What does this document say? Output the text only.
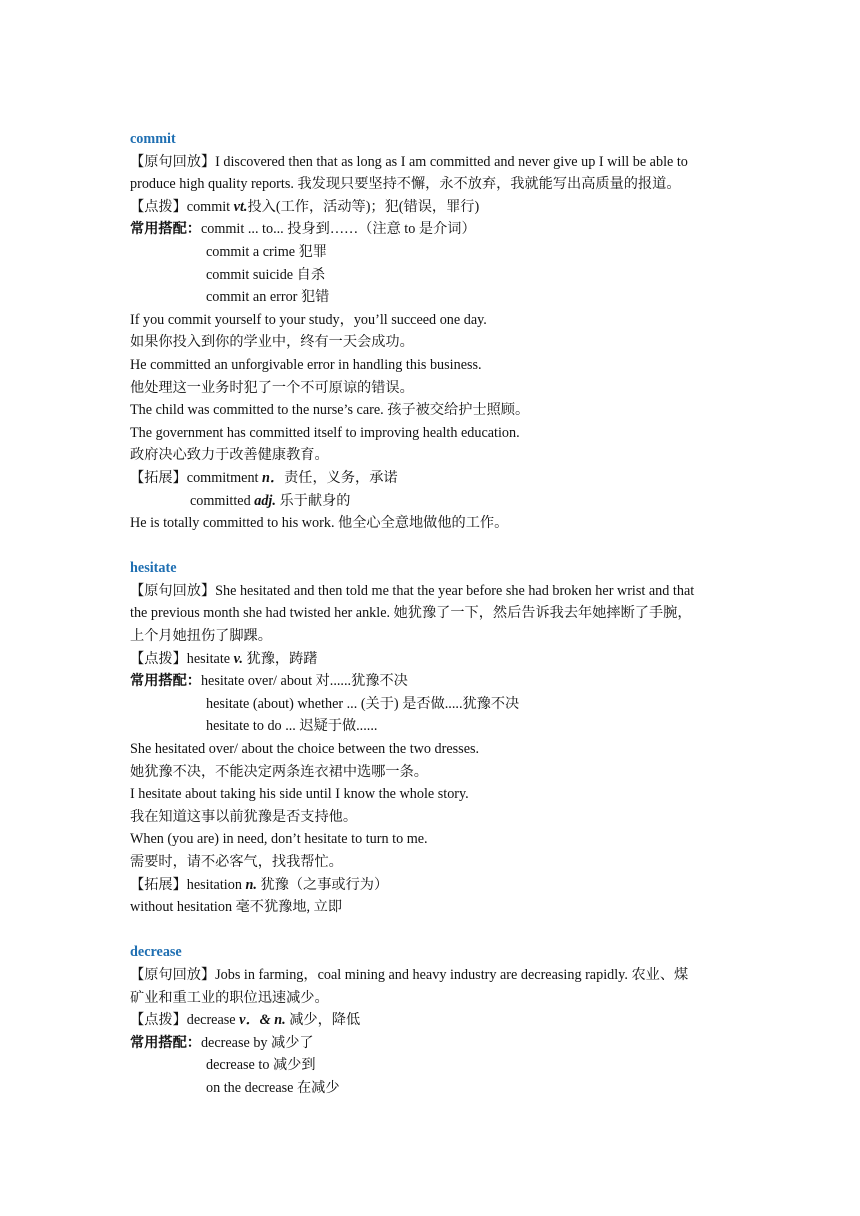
commit
【原句回放】I discovered then that as long as I am committed and never give up I will be able to
produce high quality reports. 我发现只要坚持不懈，永不放弃，我就能写出高质量的报道。
【点拨】commit vt.投入(工作，活动等)；犯(错误，罪行)
常用搭配：commit ... to... 投身到……（注意 to 是介词）
commit a crime 犯罪
commit suicide 自杀
commit an error 犯错
If you commit yourself to your study，you’ll succeed one day.
如果你投入到你的学业中，终有一天会成功。
He committed an unforgivable error in handling this business.
他处理这一业务时犯了一个不可原谅的错误。
The child was committed to the nurse’s care. 孩子被交给护士照顾。
The government has committed itself to improving health education.
政府决心致力于改善健康教育。
【拓展】commitment n．责任，义务，承诺
committed adj. 乐于献身的
He is totally committed to his work. 他全心全意地做他的工作。
hesitate
【原句回放】She hesitated and then told me that the year before she had broken her wrist and that
the previous month she had twisted her ankle. 她犹豫了一下，然后告诉我去年她摔断了手腕，
上个月她扭伤了脚踝。
【点拨】hesitate v. 犹豫，踌躇
常用搭配：hesitate over/ about 对......犹豫不决
hesitate (about) whether ... (关于) 是否做.....犹豫不决
hesitate to do ... 迟疑于做......
She hesitated over/ about the choice between the two dresses.
她犹豫不决，不能决定两条连衣裙中选哪一条。
I hesitate about taking his side until I know the whole story.
我在知道这事以前犹豫是否支持他。
When (you are) in need, don’t hesitate to turn to me.
需要时，请不必客气，找我帮忙。
【拓展】hesitation n. 犹豫（之事或行为）
without hesitation 毫不犹豫地, 立即
decrease
【原句回放】Jobs in farming，coal mining and heavy industry are decreasing rapidly. 农业、煤
矿业和重工业的职位迅速减少。
【点拨】decrease v．& n. 减少，降低
常用搭配：decrease by 减少了
decrease to 减少到
on the decrease 在减少
